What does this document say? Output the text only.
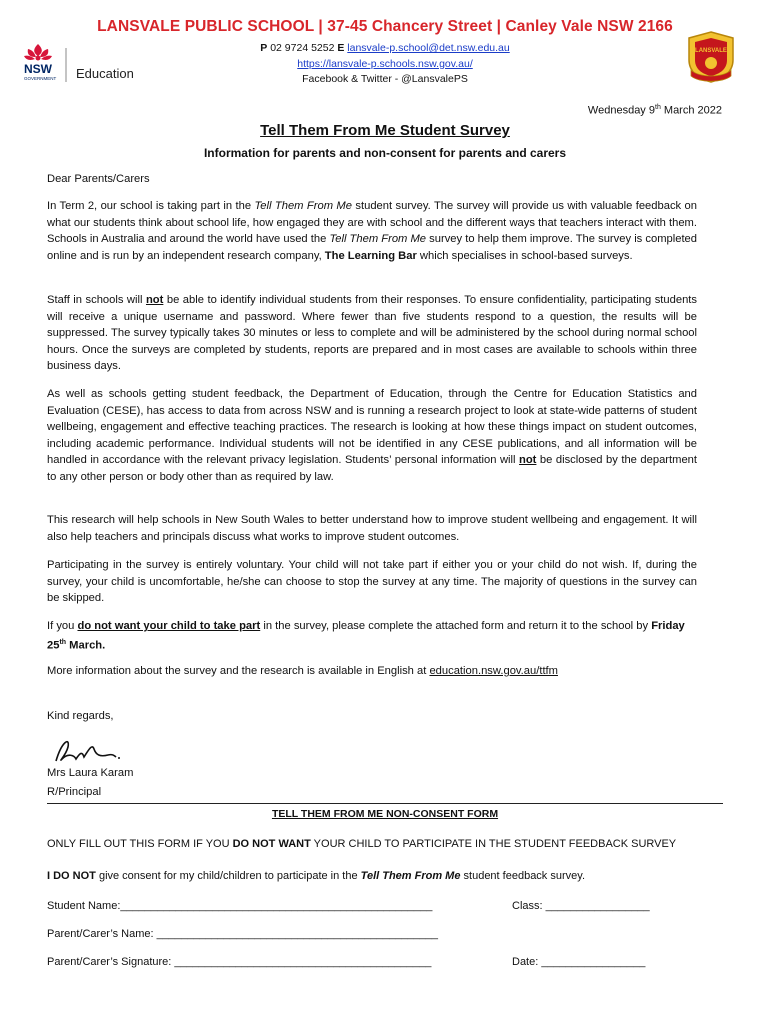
NSW
GOVERNMENT Education
LANSVALE
LANSVALE PUBLIC SCHOOL | 37-45 Chancery Street | Canley Vale NSW 2166
P 02 9724 5252 E lansvale-p.school@det.nsw.edu.au
https://lansvale-p.schools.nsw.gov.au/
Facebook & Twitter - @LansvalePS
Wednesday 9th March 2022
Tell Them From Me Student Survey
Information for parents and non-consent for parents and carers

Dear Parents/Carers

In Term 2, our school is taking part in the Tell Them From Me student survey. The survey will provide us with valuable feedback on what our students think about school life, how engaged they are with school and the different ways that teachers interact with them. Schools in Australia and around the world have used the Tell Them From Me survey to help them improve. The survey is completed online and is run by an independent research company, The Learning Bar which specialises in school-based surveys.

Staff in schools will not be able to identify individual students from their responses. To ensure confidentiality, participating students will receive a unique username and password. Where fewer than five students respond to a question, the results will be suppressed. The survey typically takes 30 minutes or less to complete and will be administered by the school during normal school hours. Once the surveys are completed by students, reports are prepared and in most cases are available to schools within three business days.

As well as schools getting student feedback, the Department of Education, through the Centre for Education Statistics and Evaluation (CESE), has access to data from across NSW and is running a research project to look at state-wide patterns of student wellbeing, engagement and effective teaching practices. The research is looking at how these things impact on student outcomes, including academic performance. Individual students will not be identified in any CESE publications, and all information will be handled in accordance with the relevant privacy legislation. Students’ personal information will not be disclosed by the department to any other person or body other than as required by law.

This research will help schools in New South Wales to better understand how to improve student wellbeing and engagement. It will also help teachers and principals discuss what works to improve student outcomes.

Participating in the survey is entirely voluntary. Your child will not take part if either you or your child do not wish. If, during the survey, your child is uncomfortable, he/she can choose to stop the survey at any time. The majority of questions in the survey can be skipped.

If you do not want your child to take part in the survey, please complete the attached form and return it to the school by Friday 25th March.

More information about the survey and the research is available in English at education.nsw.gov.au/ttfm

Kind regards,

Mrs Laura Karam

R/Principal

TELL THEM FROM ME NON-CONSENT FORM
ONLY FILL OUT THIS FORM IF YOU DO NOT WANT YOUR CHILD TO PARTICIPATE IN THE STUDENT FEEDBACK SURVEY
I DO NOT give consent for my child/children to participate in the Tell Them From Me student feedback survey.
Student Name:___________________________________________________	Class: _________________
Parent/Carer’s Name: ______________________________________________
Parent/Carer’s Signature: __________________________________________	Date: _________________
